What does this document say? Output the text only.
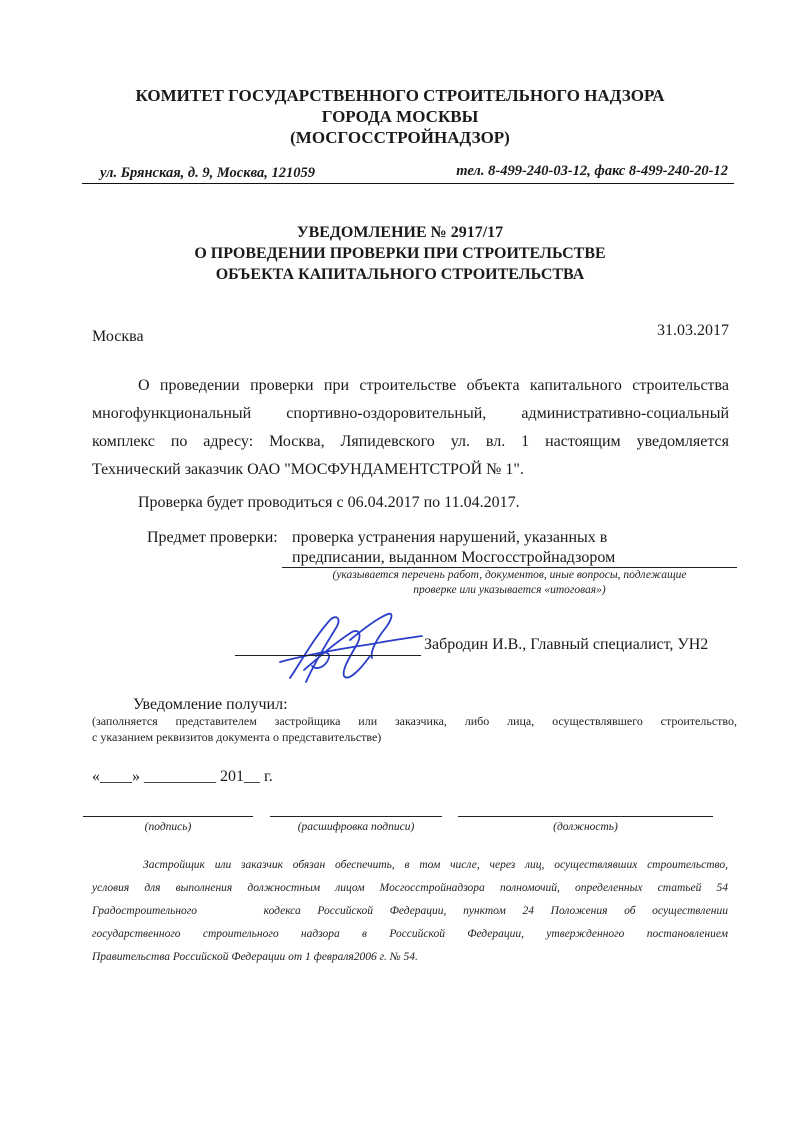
КОМИТЕТ ГОСУДАРСТВЕННОГО СТРОИТЕЛЬНОГО НАДЗОРА
ГОРОДА МОСКВЫ
(МОСГОССТРОЙНАДЗОР)
ул. Брянская, д. 9, Москва, 121059	тел. 8-499-240-03-12, факс 8-499-240-20-12
УВЕДОМЛЕНИЕ № 2917/17
О ПРОВЕДЕНИИ ПРОВЕРКИ ПРИ СТРОИТЕЛЬСТВЕ
ОБЪЕКТА КАПИТАЛЬНОГО СТРОИТЕЛЬСТВА
Москва	31.03.2017
О проведении проверки при строительстве объекта капитального строительства
многофункциональный спортивно-оздоровительный, административно-социальный
комплекс по адресу: Москва, Ляпидевского ул. вл. 1 настоящим уведомляется
Технический заказчик ОАО "МОСФУНДАМЕНТСТРОЙ № 1".
Проверка будет проводиться с 06.04.2017 по 11.04.2017.
Предмет проверки: проверка устранения нарушений, указанных в
предписании, выданном Мосгосстройнадзором
(указывается перечень работ, документов, иные вопросы, подлежащие
проверке или указывается «итоговая»)
Забродин И.В., Главный специалист, УН2
Уведомление получил:
(заполняется представителем застройщика или заказчика, либо лица, осуществлявшего строительство,
с указанием реквизитов документа о представительстве)
«____» _________ 201__ г.
(подпись)	(расшифровка подписи)	(должность)
Застройщик или заказчик обязан обеспечить, в том числе, через лиц, осуществлявших строительство,
условия для выполнения должностным лицом Мосгосстройнадзора полномочий, определенных статьей 54
Градостроительного    кодекса Российской Федерации, пунктом 24 Положения об осуществлении
государственного строительного надзора в Российской Федерации, утвержденного постановлением
Правительства Российской Федерации от 1 февраля2006 г. № 54.
